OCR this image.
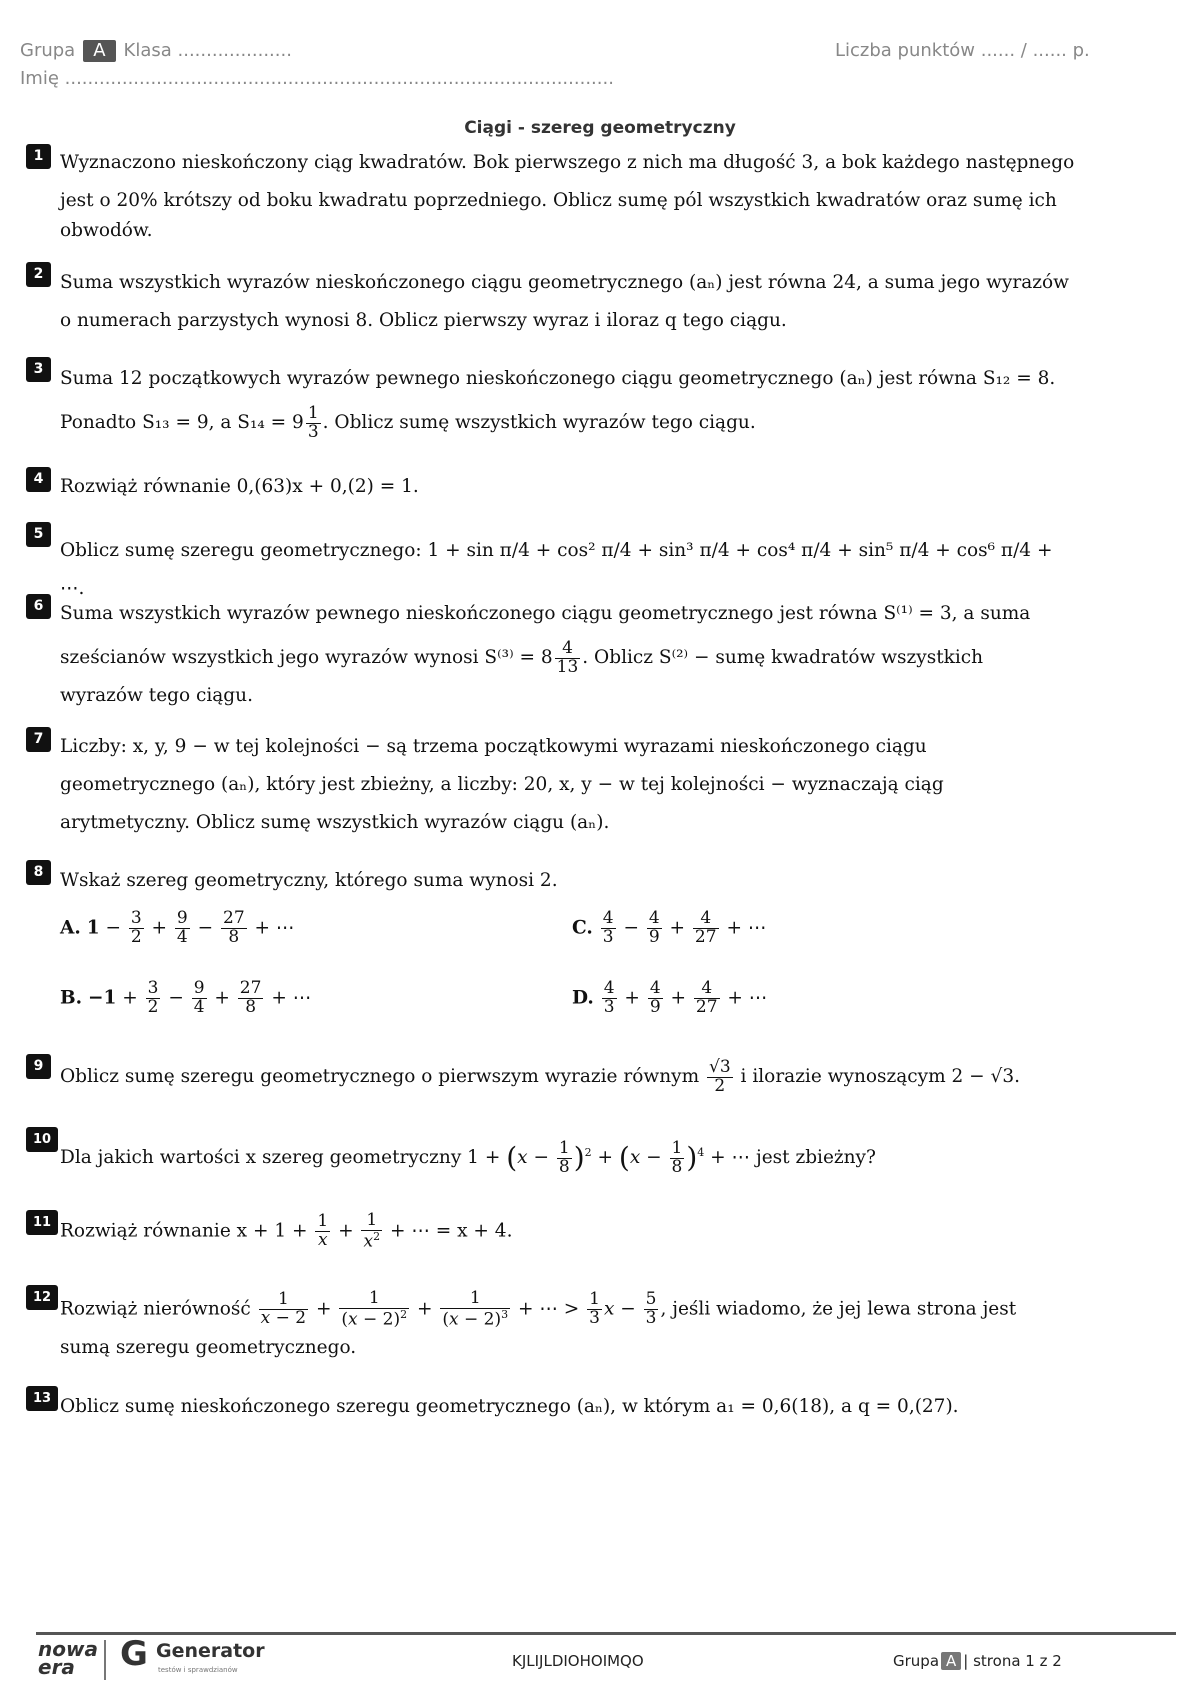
Grupa A Klasa ....................
Imię ................................................................................................
Liczba punktów ...... / ...... p.
Ciągi - szereg geometryczny
1 Wyznaczono nieskończony ciąg kwadratów. Bok pierwszego z nich ma długość 3, a bok każdego następnego
jest o 20% krótszy od boku kwadratu poprzedniego. Oblicz sumę pól wszystkich kwadratów oraz sumę ich
obwodów.
2 Suma wszystkich wyrazów nieskończonego ciągu geometrycznego (aₙ) jest równa 24, a suma jego wyrazów
o numerach parzystych wynosi 8. Oblicz pierwszy wyraz i iloraz q tego ciągu.
3 Suma 12 początkowych wyrazów pewnego nieskończonego ciągu geometrycznego (aₙ) jest równa S₁₂ = 8.
Ponadto S₁₃ = 9, a $S_{14} = 9 \frac{1}{3}$ . Oblicz sumę wszystkich wyrazów tego ciągu.
4 Rozwiąż równanie 0,(63)x + 0,(2) = 1.
5
Oblicz sumę szeregu geometrycznego: 1 + sin π/4 + cos² π/4 + sin³ π/4 + cos⁴ π/4 + sin⁵ π/4 + cos⁶ π/4 + ⋯.
6 Suma wszystkich wyrazów pewnego nieskończonego ciągu geometrycznego jest równa S⁽¹⁾ = 3, a suma
sześcianów wszystkich jego wyrazów wynosi $S^{(3)} = 8 \frac{4}{13}$ . Oblicz S⁽²⁾ − sumę kwadratów wszystkich
wyrazów tego ciągu.
7 Liczby: x, y, 9 − w tej kolejności − są trzema początkowymi wyrazami nieskończonego ciągu
geometrycznego (aₙ), który jest zbieżny, a liczby: 20, x, y − w tej kolejności − wyznaczają ciąg
arytmetyczny. Oblicz sumę wszystkich wyrazów ciągu (aₙ).
8 Wskaż szereg geometryczny, którego suma wynosi 2.
A. $1 - \frac{3}{2} + \frac{9}{4} - \frac{27}{8}$ + ⋯	C. $\frac{4}{3} - \frac{4}{9} + \frac{4}{27}$ + ⋯
B. $-1 + \frac{3}{2} - \frac{9}{4} + \frac{27}{8}$ + ⋯	D. $\frac{4}{3} + \frac{4}{9} + \frac{4}{27}$ + ⋯
9 Oblicz sumę szeregu geometrycznego o pierwszym wyrazie równym $\frac{√3}{2}$ i ilorazie wynoszącym 2 − √3.
10
Dla jakich wartości x szereg geometryczny $1 + (x - \frac{1}{8} )^2 + (x - \frac{1}{8} )^4$ + ⋯ jest zbieżny?
11 Rozwiąż równanie $x + 1 + \frac{1}{x} + \frac{1}{x^2}$ + ⋯ = x + 4.
12
Rozwiąż nierówność $\frac{1}{x - 2} + \frac{1}{(x - 2)^2} + \frac{1}{(x - 2)^3}$ + ⋯ > $\frac{1}{3}$ $x - \frac{5}{3}$ , jeśli wiadomo, że jej lewa strona jest
sumą szeregu geometrycznego.
13 Oblicz sumę nieskończonego szeregu geometrycznego (aₙ), w którym a₁ = 0,6(18), a q = 0,(27).
nowa
era	G Generator
testów i sprawdzianów	KJLIJLDIOHOIMQO	Grupa A | strona 1 z 2
